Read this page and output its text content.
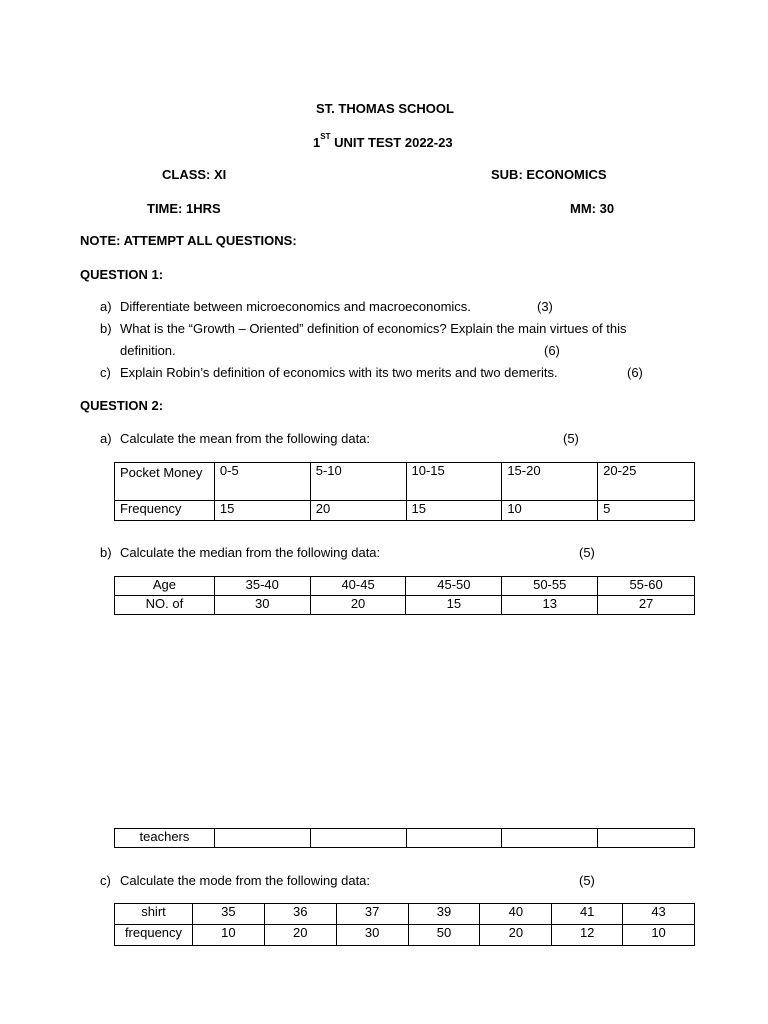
ST. THOMAS SCHOOL
1ST UNIT TEST 2022-23
CLASS: XI	SUB: ECONOMICS
TIME: 1HRS	MM: 30
NOTE: ATTEMPT ALL QUESTIONS:
QUESTION 1:
a) Differentiate between microeconomics and macroeconomics.	(3)
b) What is the “Growth – Oriented” definition of economics? Explain the main virtues of this
definition.	(6)
c) Explain Robin’s definition of economics with its two merits and two demerits.	(6)
QUESTION 2:
a) Calculate the mean from the following data:	(5)
Pocket Money	0-5	5-10	10-15	15-20	20-25
Frequency	15	20	15	10	5
b) Calculate the median from the following data:	(5)
Age	35-40	40-45	45-50	50-55	55-60
NO. of	30	20	15	13	27
teachers					
c) Calculate the mode from the following data:	(5)
shirt	35	36	37	39	40	41	43
frequency	10	20	30	50	20	12	10
